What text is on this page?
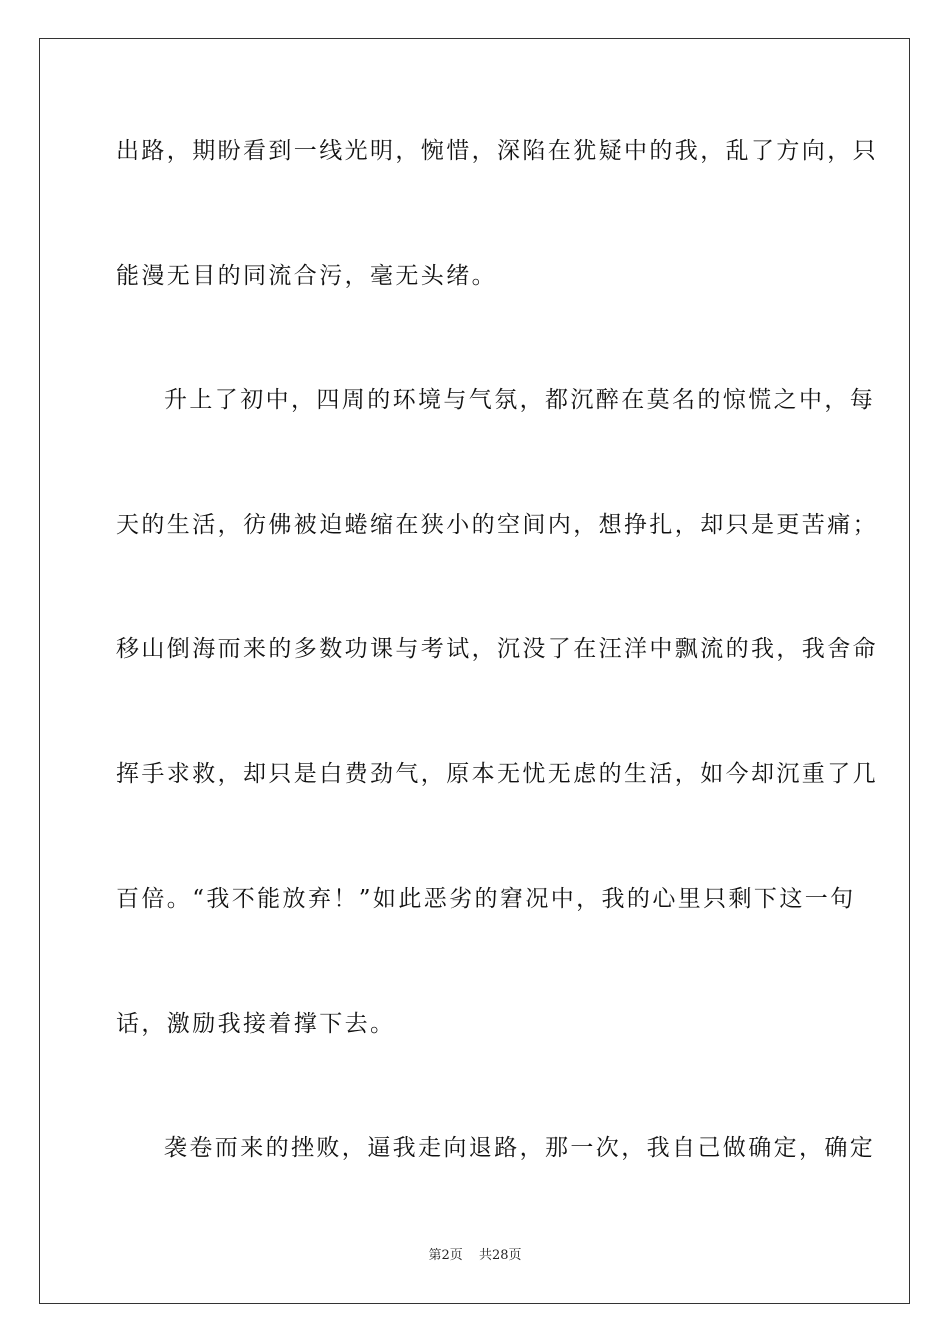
出路，期盼看到一线光明，惋惜，深陷在犹疑中的我，乱了方向，只
能漫无目的同流合污，毫无头绪。
升上了初中，四周的环境与气氛，都沉醉在莫名的惊慌之中，每
天的生活，彷佛被迫蜷缩在狭小的空间内，想挣扎，却只是更苦痛；
移山倒海而来的多数功课与考试，沉没了在汪洋中飘流的我，我舍命
挥手求救，却只是白费劲气，原本无忧无虑的生活，如今却沉重了几
百倍。“我不能放弃！”如此恶劣的窘况中，我的心里只剩下这一句
话，激励我接着撑下去。
袭卷而来的挫败，逼我走向退路，那一次，我自己做确定，确定
第2页 共28页
